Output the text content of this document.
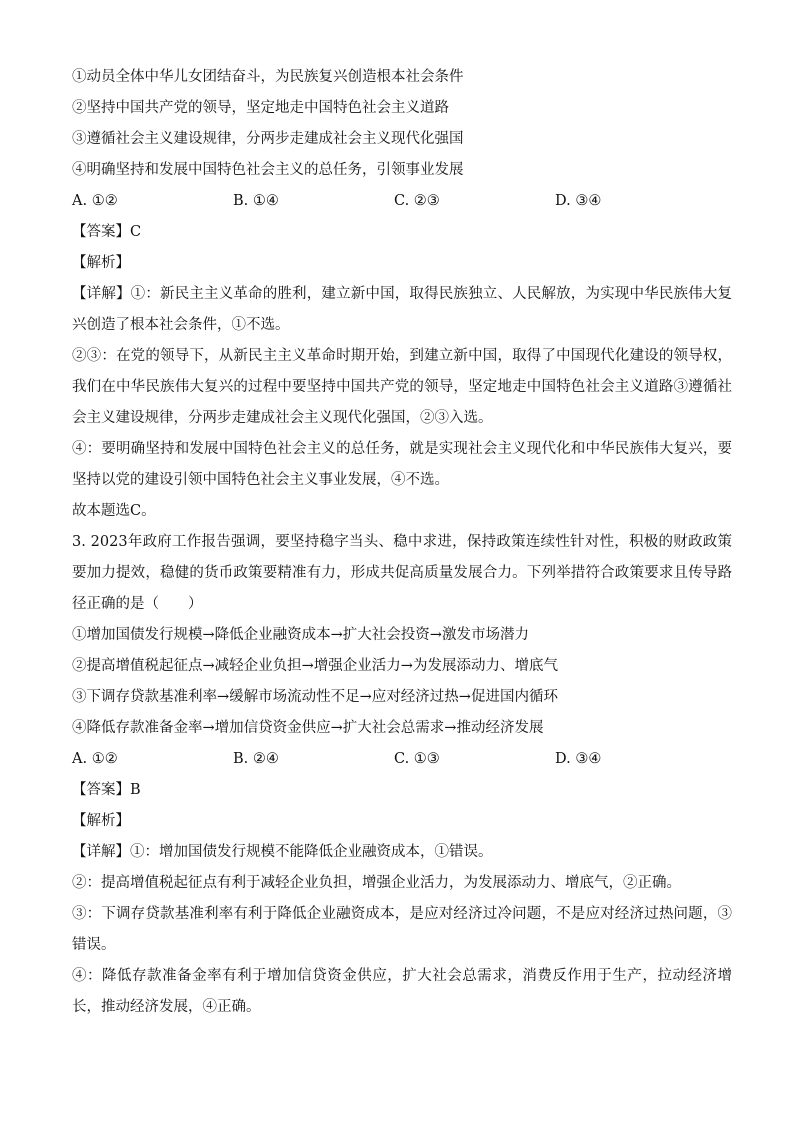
①动员全体中华儿女团结奋斗，为民族复兴创造根本社会条件
②坚持中国共产党的领导，坚定地走中国特色社会主义道路
③遵循社会主义建设规律，分两步走建成社会主义现代化强国
④明确坚持和发展中国特色社会主义的总任务，引领事业发展
A. ①②	B. ①④	C. ②③	D. ③④
【答案】C
【解析】
【详解】①：新民主主义革命的胜利，建立新中国，取得民族独立、人民解放，为实现中华民族伟大复兴创造了根本社会条件，①不选。
②③：在党的领导下，从新民主主义革命时期开始，到建立新中国，取得了中国现代化建设的领导权，我们在中华民族伟大复兴的过程中要坚持中国共产党的领导，坚定地走中国特色社会主义道路③遵循社会主义建设规律，分两步走建成社会主义现代化强国，②③入选。
④：要明确坚持和发展中国特色社会主义的总任务，就是实现社会主义现代化和中华民族伟大复兴，要坚持以党的建设引领中国特色社会主义事业发展，④不选。
故本题选C。
3. 2023年政府工作报告强调，要坚持稳字当头、稳中求进，保持政策连续性针对性，积极的财政政策要加力提效，稳健的货币政策要精准有力，形成共促高质量发展合力。下列举措符合政策要求且传导路径正确的是（　　）
①增加国债发行规模→降低企业融资成本→扩大社会投资→激发市场潜力
②提高增值税起征点→减轻企业负担→增强企业活力→为发展添动力、增底气
③下调存贷款基准利率→缓解市场流动性不足→应对经济过热→促进国内循环
④降低存款准备金率→增加信贷资金供应→扩大社会总需求→推动经济发展
A. ①②	B. ②④	C. ①③	D. ③④
【答案】B
【解析】
【详解】①：增加国债发行规模不能降低企业融资成本，①错误。
②：提高增值税起征点有利于减轻企业负担，增强企业活力，为发展添动力、增底气，②正确。
③：下调存贷款基准利率有利于降低企业融资成本，是应对经济过冷问题，不是应对经济过热问题，③错误。
④：降低存款准备金率有利于增加信贷资金供应，扩大社会总需求，消费反作用于生产，拉动经济增长，推动经济发展，④正确。
